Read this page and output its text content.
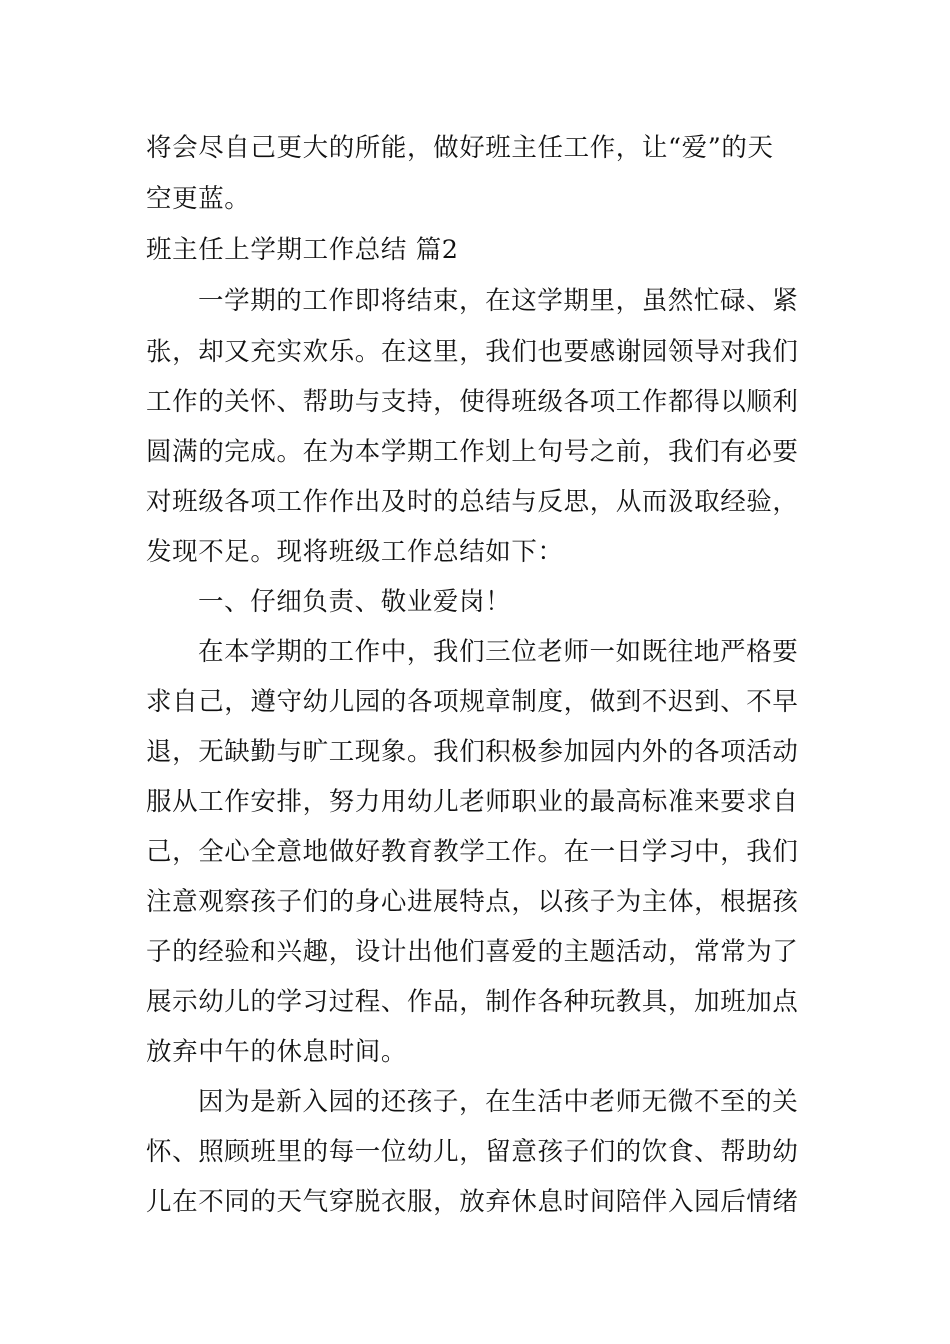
将会尽自己更大的所能，做好班主任工作，让“爱”的天
空更蓝。
班主任上学期工作总结 篇2
一学期的工作即将结束，在这学期里，虽然忙碌、紧
张，却又充实欢乐。在这里，我们也要感谢园领导对我们
工作的关怀、帮助与支持，使得班级各项工作都得以顺利
圆满的完成。在为本学期工作划上句号之前，我们有必要
对班级各项工作作出及时的总结与反思，从而汲取经验，
发现不足。现将班级工作总结如下：
一、仔细负责、敬业爱岗！
在本学期的工作中，我们三位老师一如既往地严格要
求自己，遵守幼儿园的各项规章制度，做到不迟到、不早
退，无缺勤与旷工现象。我们积极参加园内外的各项活动
服从工作安排，努力用幼儿老师职业的最高标准来要求自
己，全心全意地做好教育教学工作。在一日学习中，我们
注意观察孩子们的身心进展特点，以孩子为主体，根据孩
子的经验和兴趣，设计出他们喜爱的主题活动，常常为了
展示幼儿的学习过程、作品，制作各种玩教具，加班加点
放弃中午的休息时间。
因为是新入园的还孩子，在生活中老师无微不至的关
怀、照顾班里的每一位幼儿，留意孩子们的饮食、帮助幼
儿在不同的天气穿脱衣服，放弃休息时间陪伴入园后情绪
